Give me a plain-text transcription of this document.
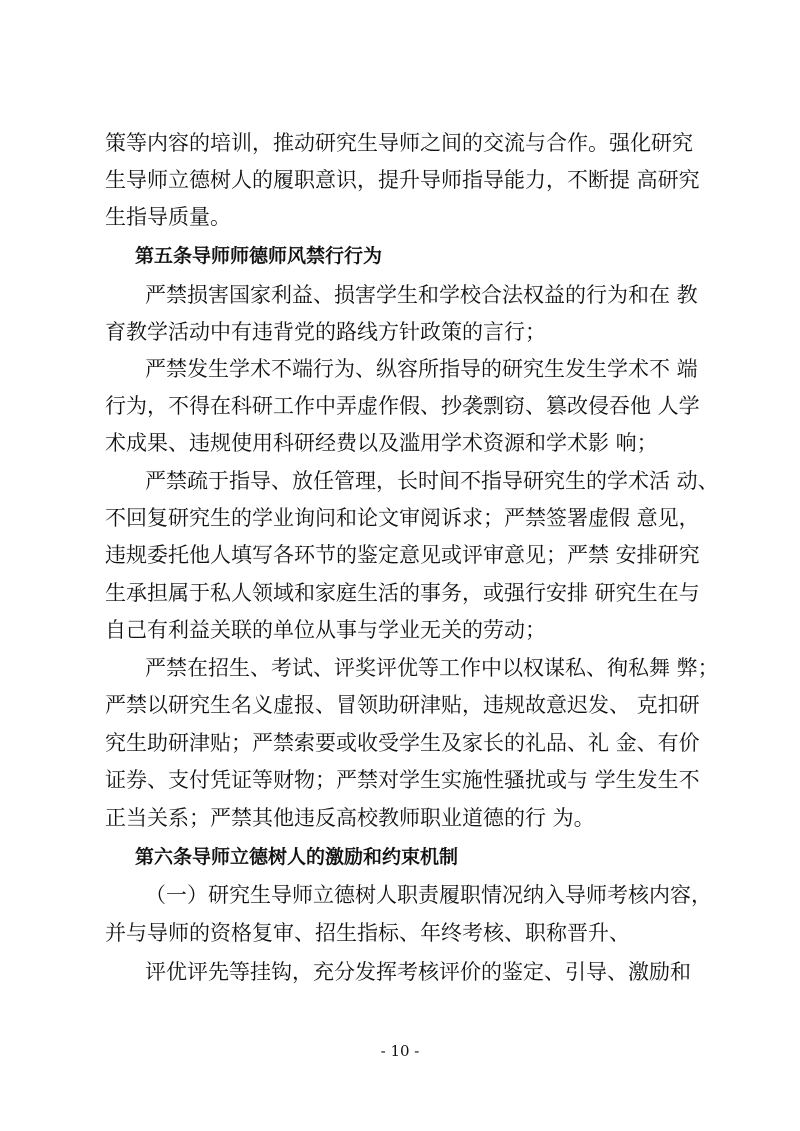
策等内容的培训，推动研究生导师之间的交流与合作。强化研究
生导师立德树人的履职意识，提升导师指导能力，不断提 高研究
生指导质量。
第五条导师师德师风禁行行为
严禁损害国家利益、损害学生和学校合法权益的行为和在 教
育教学活动中有违背党的路线方针政策的言行；
严禁发生学术不端行为、纵容所指导的研究生发生学术不 端
行为，不得在科研工作中弄虚作假、抄袭剽窃、篡改侵吞他 人学
术成果、违规使用科研经费以及滥用学术资源和学术影 响；
严禁疏于指导、放任管理，长时间不指导研究生的学术活 动、
不回复研究生的学业询问和论文审阅诉求；严禁签署虚假 意见，
违规委托他人填写各环节的鉴定意见或评审意见；严禁 安排研究
生承担属于私人领域和家庭生活的事务，或强行安排 研究生在与
自己有利益关联的单位从事与学业无关的劳动；
严禁在招生、考试、评奖评优等工作中以权谋私、徇私舞 弊；
严禁以研究生名义虚报、冒领助研津贴，违规故意迟发、 克扣研
究生助研津贴；严禁索要或收受学生及家长的礼品、礼 金、有价
证券、支付凭证等财物；严禁对学生实施性骚扰或与 学生发生不
正当关系；严禁其他违反高校教师职业道德的行 为。
第六条导师立德树人的激励和约束机制
（一）研究生导师立德树人职责履职情况纳入导师考核内容，
并与导师的资格复审、招生指标、年终考核、职称晋升、
评优评先等挂钩，充分发挥考核评价的鉴定、引导、激励和
- 10 -
